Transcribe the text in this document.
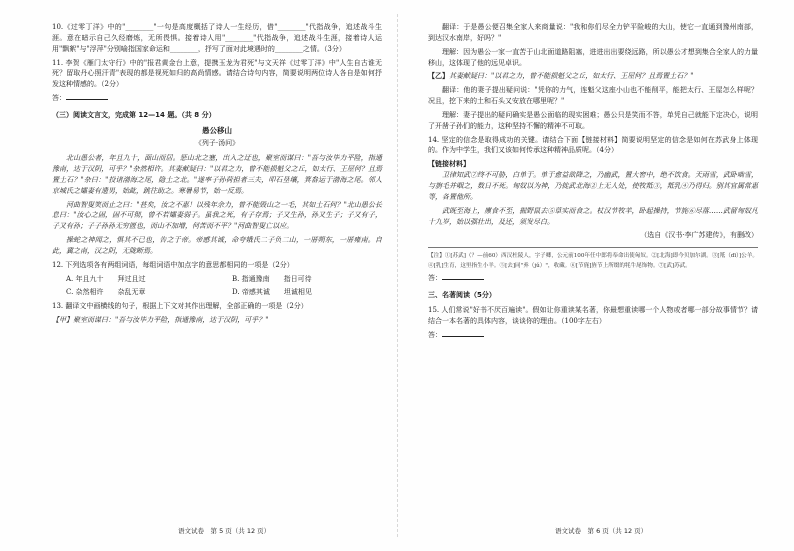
10.《过零丁洋》中的"________"一句是高度概括了诗人一生经历，借"________"代指战争，追述战斗生涯。意在暗示自己久经磨炼，无所畏惧。接着诗人用"________"代指战争，追述战斗生涯，接着诗人运用"飘絮"与"浮萍"分别喻指国家命运和________，抒写了面对此境遇时的________之情。（3分）

11. 李贺《雁门太守行》中的"报君黄金台上意，提携玉龙为君死"与文天祥《过零丁洋》中"人生自古谁无死？留取丹心照汗青"表现的都是视死如归的高尚情感。请结合诗句内容，简要说明两位诗人各自是如何抒发这种情感的。（2分）

答：
（三）阅读文言文，完成第 12—14 题。（共 8 分）
愚公移山
《列子·汤问》

北山愚公者，年且九十，面山而居。惩山北之塞，出入之迂也，聚室而谋曰："吾与汝毕力平险，指通豫南，达于汉阴，可乎？"杂然相许。其妻献疑曰："以君之力，曾不能损魁父之丘，如太行、王屋何？且焉置土石？"杂曰："投诸渤海之尾，隐土之北。"遂率子孙荷担者三夫，叩石垦壤，箕畚运于渤海之尾。邻人京城氏之孀妻有遗男，始龀，跳往助之。寒暑易节，始一反焉。

河曲智叟笑而止之曰："甚矣，汝之不惠！以残年余力，曾不能毁山之一毛，其如土石何？"北山愚公长息曰："汝心之固，固不可彻，曾不若孀妻弱子。虽我之死，有子存焉；子又生孙，孙又生子；子又有子，子又有孙；子子孙孙无穷匮也，而山不加增，何苦而不平？"河曲智叟亡以应。

操蛇之神闻之，惧其不已也，告之于帝。帝感其诚，命夸娥氏二子负二山，一厝朔东，一厝雍南。自此，冀之南，汉之阴，无陇断焉。

12. 下列选项各有两组词语，每组词语中加点字的意思都相同的一项是（2分）

A. 年且九十　　拜过且过	B. 指通豫南　　指日可待
C. 杂然相许　　杂乱无章	D. 帝感其诚　　坦诚相见

13. 翻译文中画横线的句子，根据上下文对其作出理解，全部正确的一项是（2分）

【甲】聚室而谋曰："吾与汝毕力平险，指通豫南，达于汉阴，可乎？"

翻译：于是愚公便召集全家人来商量说："我和你们尽全力铲平险峻的大山，使它一直通到豫州南部，到达汉水南岸，好吗？"

理解：因为愚公一家一直苦于山北面道路阻塞，进进出出要绕远路，所以愚公才想到集合全家人的力量移山，这体现了他的远见卓识。

【乙】其妻献疑曰："以君之力，曾不能损魁父之丘，如太行、王屋何？且焉置土石？"

翻译：他的妻子提出疑问说："凭你的力气，连魁父这座小山也不能削平，能把太行、王屋怎么样呢？况且，挖下来的土和石头又安放在哪里呢？"

理解：妻子提出的疑问确实是愚公面临的现实困难；愚公只是笑而不答，单凭自己就能下定决心，说明了开凿子孙们的能力，这种坚持不懈的精神不可取。

14. 坚定的信念是取得成功的关键。请结合下面【链接材料】简要说明坚定的信念是如何在苏武身上体现的。作为中学生，我们又该如何传承这种精神品质呢。（4分）

【链接材料】

卫律知武⑦终不可胁，白单于。单于愈益欲降之，乃幽武，置大窖中，绝不饮食。天雨雪，武卧啮雪，与旃毛并咽之，数日不死。匈奴以为神，乃徙武北海②上无人处，使牧羝③，羝乳④乃得归。别其官属常惠等，各置他所。

武既至海上，廪食不至，掘野鼠去⑤草实而食之。杖汉节牧羊，卧起操持，节旄⑥尽落……武留匈奴凡十九岁，始以强壮出，及还，须发尽白。

（选自《汉书·李广苏建传》，有删改）
【注】①[苏武]（？—前60）西汉杜陵人，字子卿，公元前100年任中郎将奉命出使匈奴。②[北海]即今贝加尔湖。③[羝（dī）]公羊。④[乳]生育，这里指生小羊。⑤[去]同"弆（jǔ）"，收藏。⑥[节旄]旌节上所缀的牦牛尾饰物。⑦[武]苏武。
答：
三、名著阅读（5分）

15. 人们常说"好书不厌百遍读"。假如让你重读某名著，你最想重读哪一个人物或者哪一部分故事情节？请结合一本名著的具体内容，谈谈你的理由。（100字左右）

答：
语文试卷　第 5 页（共 12 页）	语文试卷　第 6 页（共 12 页）
